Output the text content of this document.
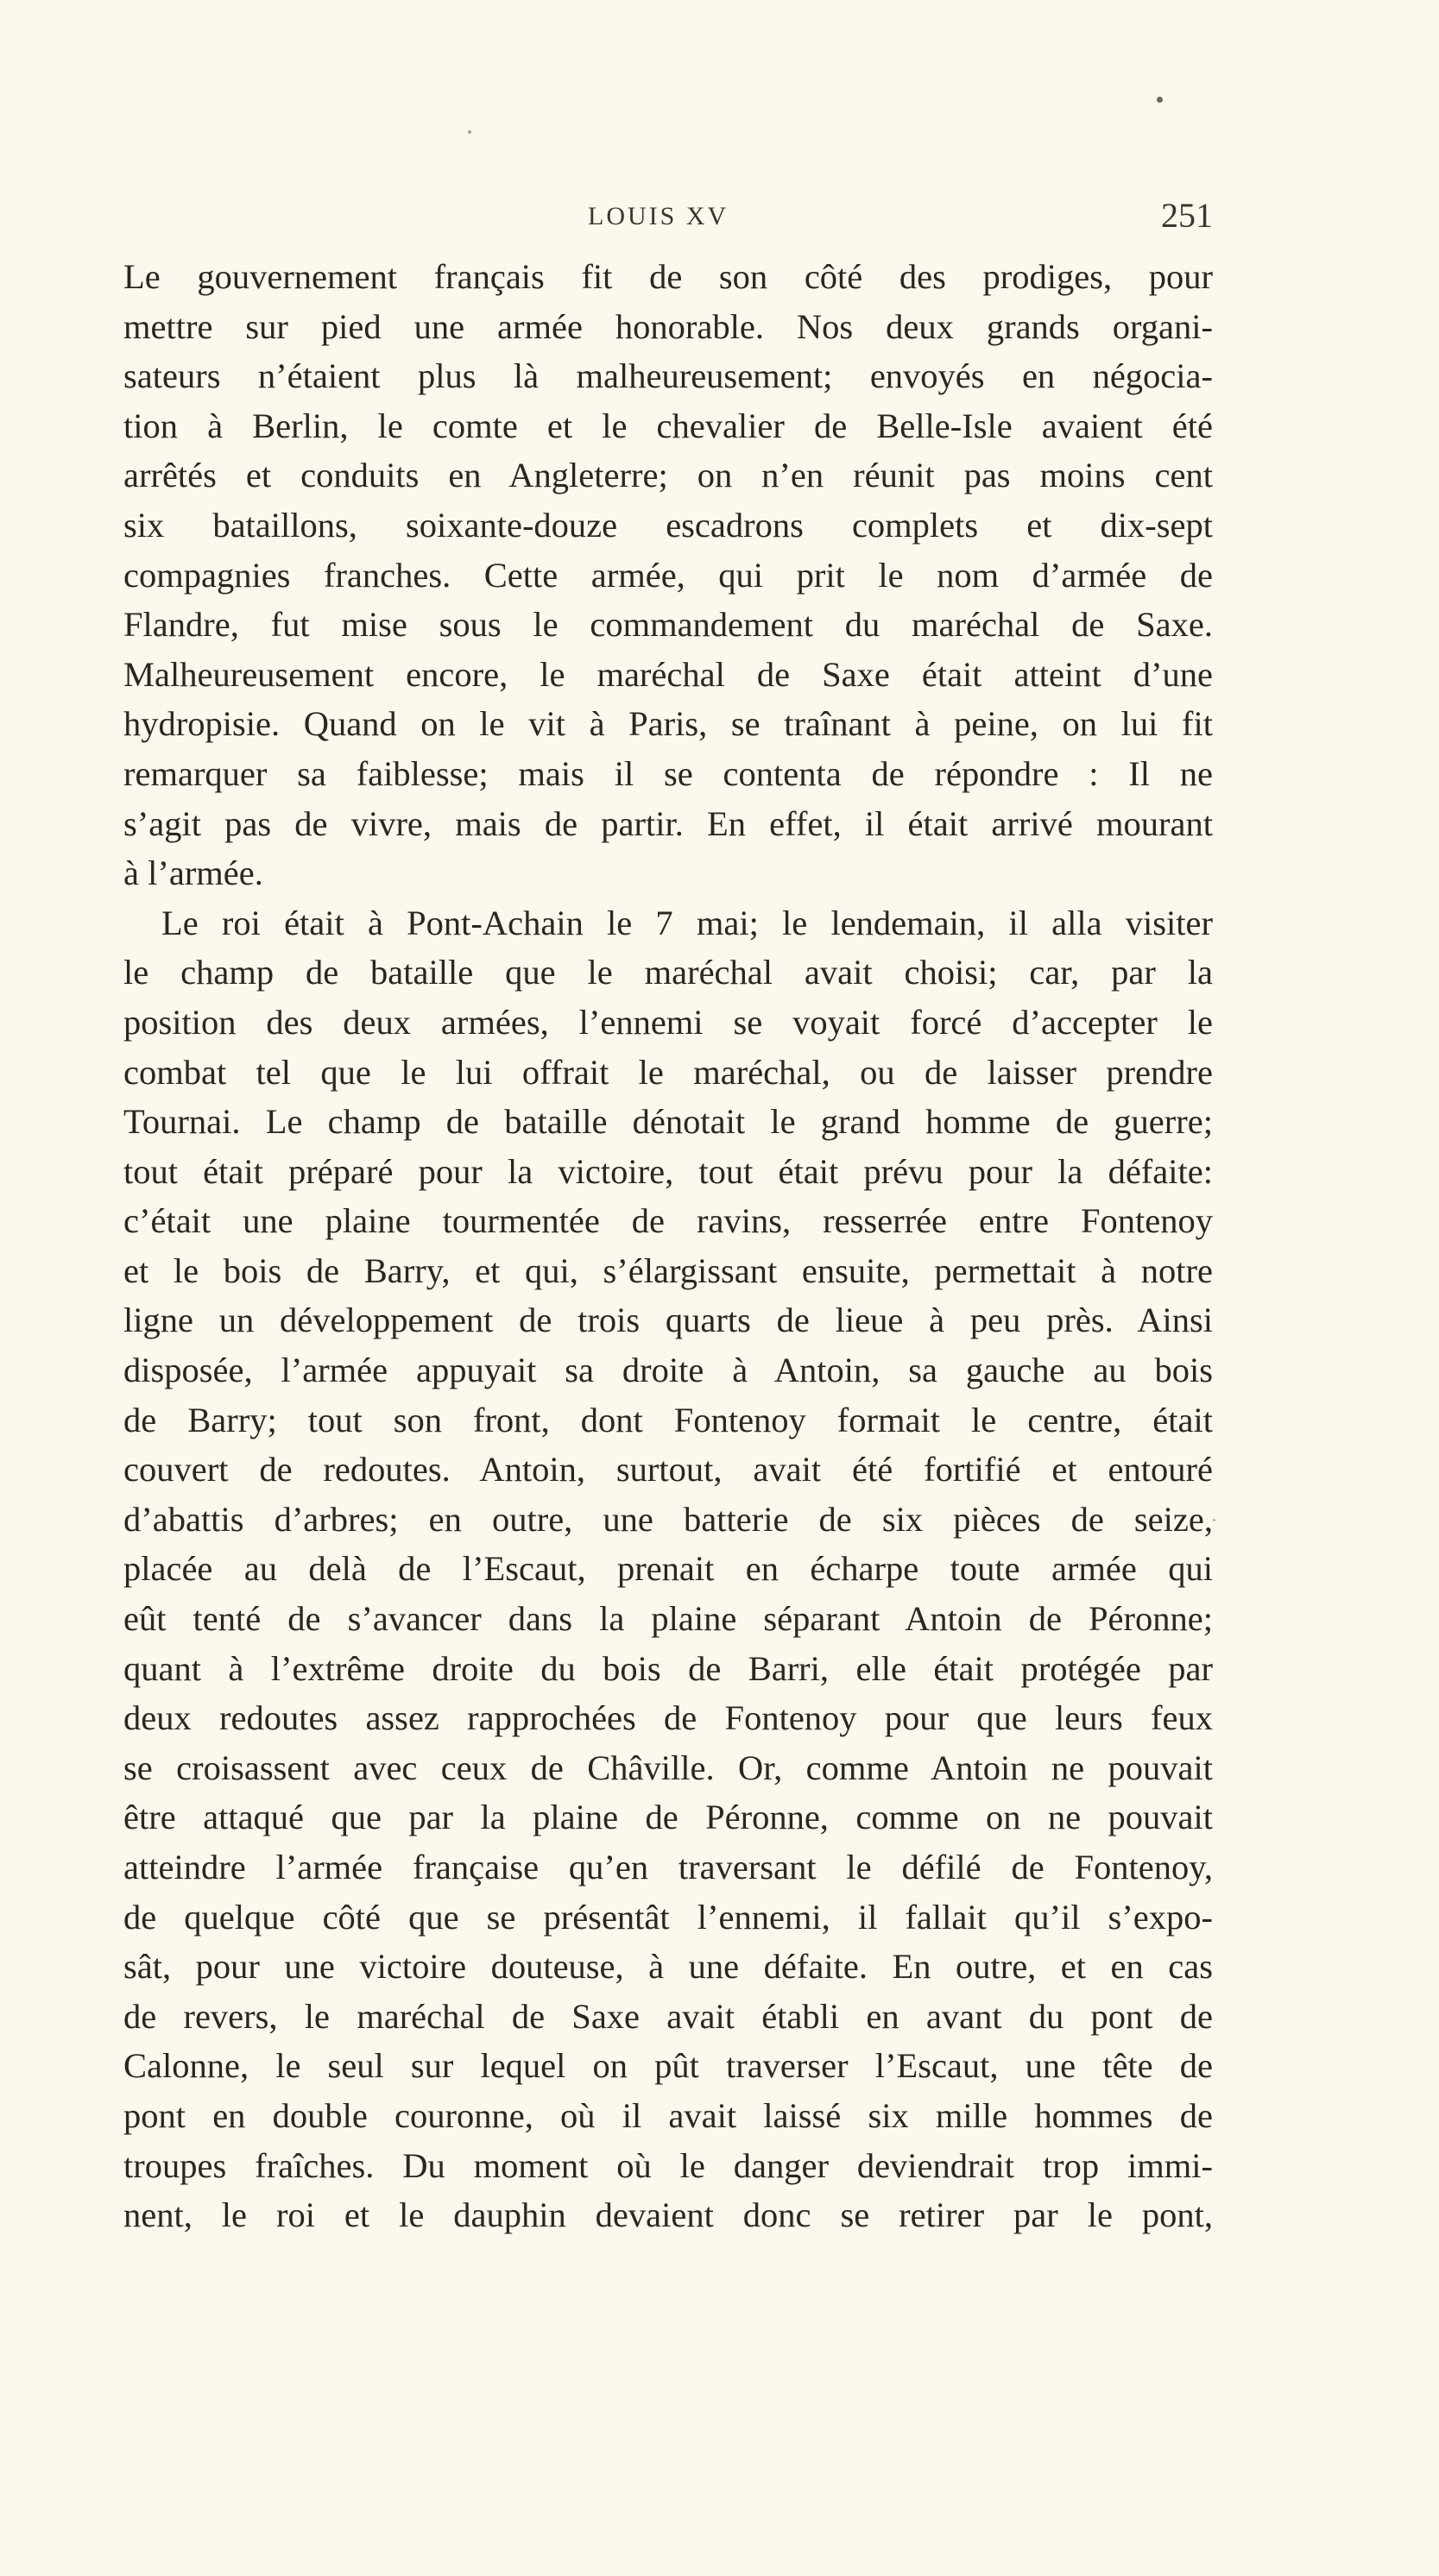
LOUIS XV	251
Le gouvernement français fit de son côté des prodiges, pour
mettre sur pied une armée honorable. Nos deux grands organi-
sateurs n’étaient plus là malheureusement; envoyés en négocia-
tion à Berlin, le comte et le chevalier de Belle-Isle avaient été
arrêtés et conduits en Angleterre; on n’en réunit pas moins cent
six bataillons, soixante-douze escadrons complets et dix-sept
compagnies franches. Cette armée, qui prit le nom d’armée de
Flandre, fut mise sous le commandement du maréchal de Saxe.
Malheureusement encore, le maréchal de Saxe était atteint d’une
hydropisie. Quand on le vit à Paris, se traînant à peine, on lui fit
remarquer sa faiblesse; mais il se contenta de répondre : Il ne
s’agit pas de vivre, mais de partir. En effet, il était arrivé mourant
à l’armée.
Le roi était à Pont-Achain le 7 mai; le lendemain, il alla visiter
le champ de bataille que le maréchal avait choisi; car, par la
position des deux armées, l’ennemi se voyait forcé d’accepter le
combat tel que le lui offrait le maréchal, ou de laisser prendre
Tournai. Le champ de bataille dénotait le grand homme de guerre;
tout était préparé pour la victoire, tout était prévu pour la défaite:
c’était une plaine tourmentée de ravins, resserrée entre Fontenoy
et le bois de Barry, et qui, s’élargissant ensuite, permettait à notre
ligne un développement de trois quarts de lieue à peu près. Ainsi
disposée, l’armée appuyait sa droite à Antoin, sa gauche au bois
de Barry; tout son front, dont Fontenoy formait le centre, était
couvert de redoutes. Antoin, surtout, avait été fortifié et entouré
d’abattis d’arbres; en outre, une batterie de six pièces de seize,
placée au delà de l’Escaut, prenait en écharpe toute armée qui
eût tenté de s’avancer dans la plaine séparant Antoin de Péronne;
quant à l’extrême droite du bois de Barri, elle était protégée par
deux redoutes assez rapprochées de Fontenoy pour que leurs feux
se croisassent avec ceux de Châville. Or, comme Antoin ne pouvait
être attaqué que par la plaine de Péronne, comme on ne pouvait
atteindre l’armée française qu’en traversant le défilé de Fontenoy,
de quelque côté que se présentât l’ennemi, il fallait qu’il s’expo-
sât, pour une victoire douteuse, à une défaite. En outre, et en cas
de revers, le maréchal de Saxe avait établi en avant du pont de
Calonne, le seul sur lequel on pût traverser l’Escaut, une tête de
pont en double couronne, où il avait laissé six mille hommes de
troupes fraîches. Du moment où le danger deviendrait trop immi-
nent, le roi et le dauphin devaient donc se retirer par le pont,
